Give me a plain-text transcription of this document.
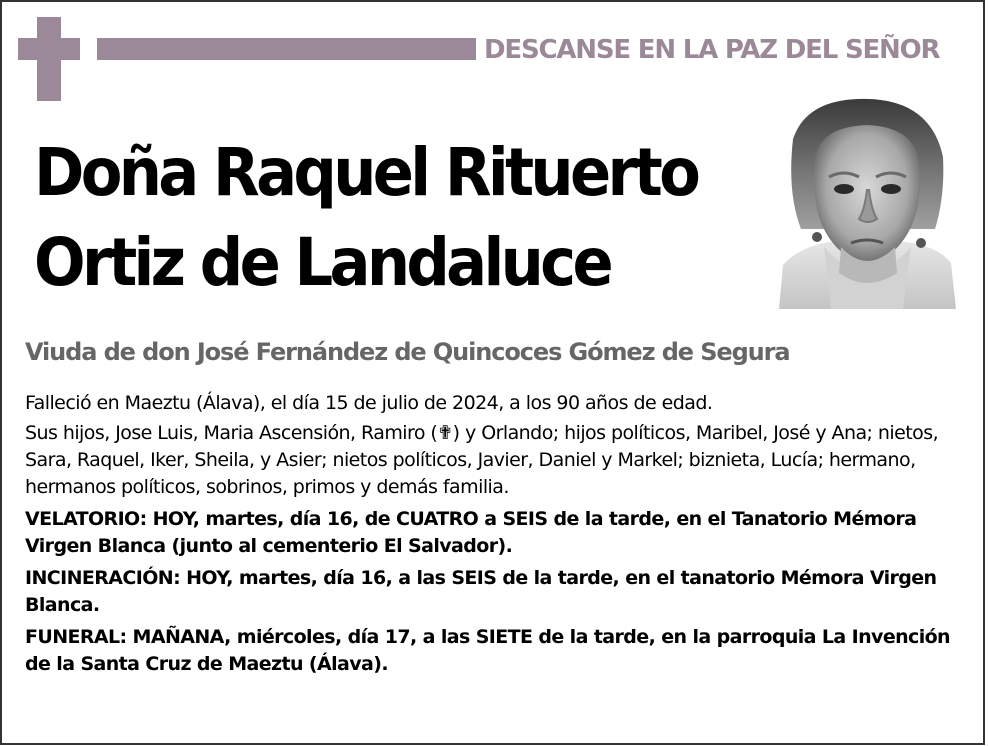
DESCANSE EN LA PAZ DEL SEÑOR
Doña Raquel Rituerto
Ortiz de Landaluce
Viuda de don José Fernández de Quincoces Gómez de Segura

Falleció en Maeztu (Álava), el día 15 de julio de 2024, a los 90 años de edad.

Sus hijos, Jose Luis, Maria Ascensión, Ramiro (✟) y Orlando; hijos políticos, Maribel, José y Ana; nietos, Sara, Raquel, Iker, Sheila, y Asier; nietos políticos, Javier, Daniel y Markel; biznieta, Lucía; hermano, hermanos políticos, sobrinos, primos y demás familia.

VELATORIO: HOY, martes, día 16, de CUATRO a SEIS de la tarde, en el Tanatorio Mémora Virgen Blanca (junto al cementerio El Salvador).

INCINERACIÓN: HOY, martes, día 16, a las SEIS de la tarde, en el tanatorio Mémora Virgen Blanca.

FUNERAL: MAÑANA, miércoles, día 17, a las SIETE de la tarde, en la parroquia La Invención de la Santa Cruz de Maeztu (Álava).
